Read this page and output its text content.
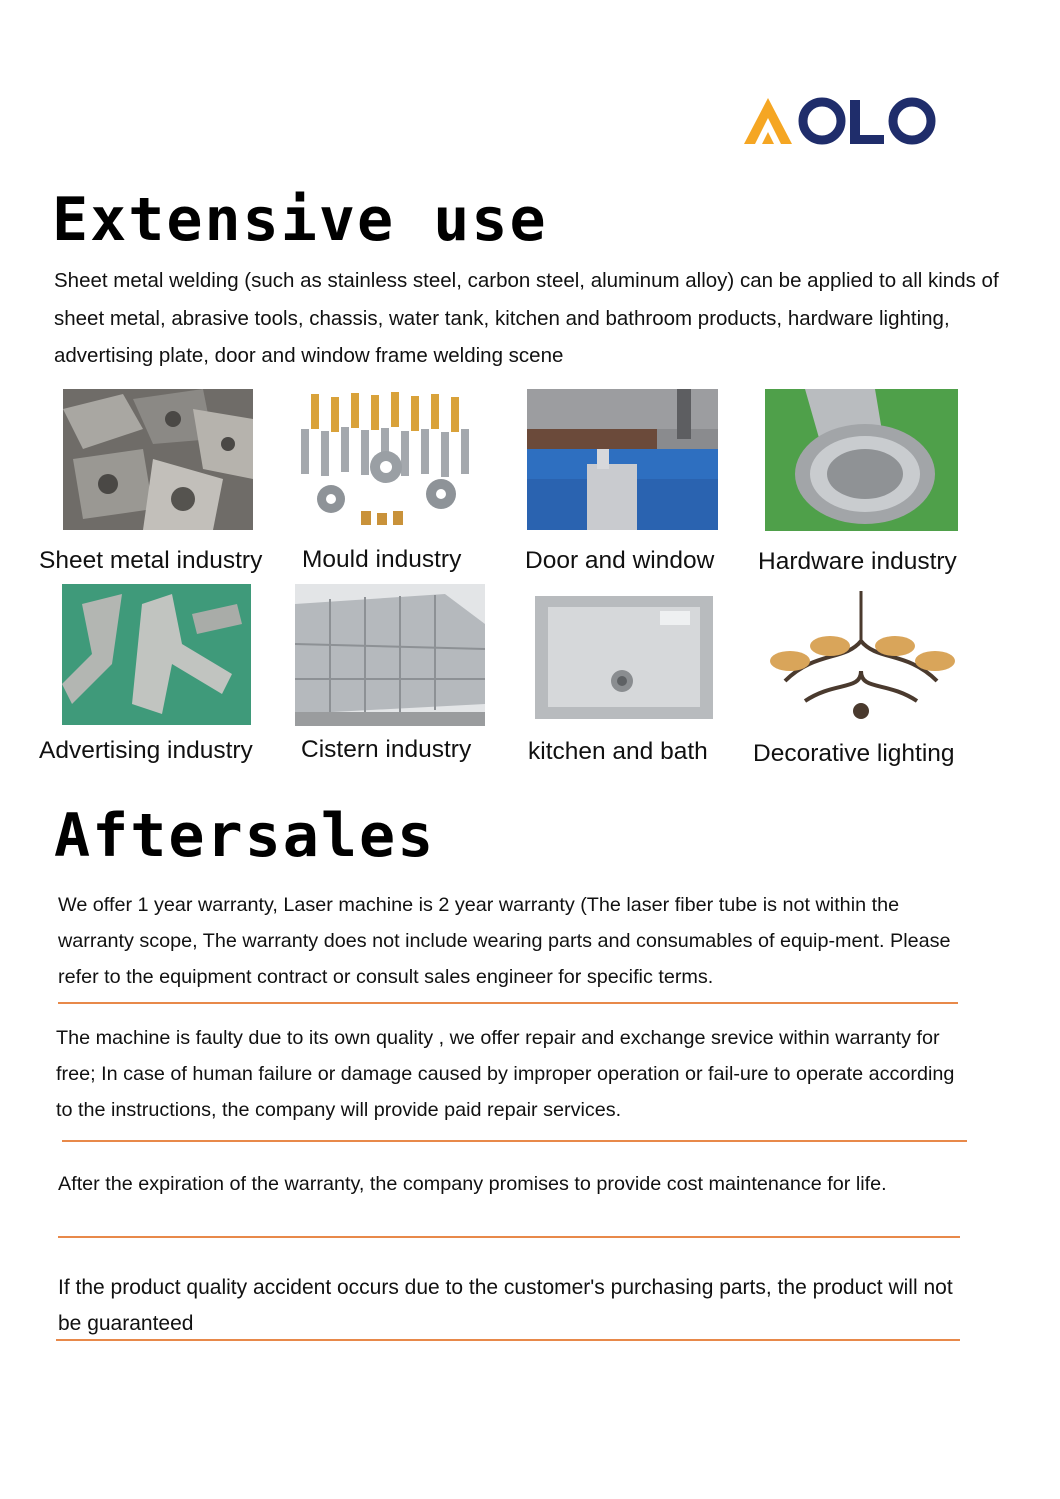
Extensive use
Sheet metal welding (such as stainless steel, carbon steel, aluminum alloy) can be applied to all kinds of sheet metal, abrasive tools, chassis, water tank, kitchen and bathroom products, hardware lighting, advertising plate, door and window frame welding scene
Sheet metal industry Mould industry	Door and window Hardware industry
Advertising industry Cistern industry kitchen and bath Decorative lighting
Aftersales
We offer 1 year warranty, Laser machine is 2 year warranty (The laser fiber tube is not within the warranty scope, The warranty does not include wearing parts and consumables of equip-ment. Please refer to the equipment contract or consult sales engineer for specific terms.
The machine is faulty due to its own quality , we offer repair and exchange srevice within warranty for free; In case of human failure or damage caused by improper operation or fail-ure to operate according to the instructions, the company will provide paid repair services.
After the expiration of the warranty, the company promises to provide cost maintenance for life.
If the product quality accident occurs due to the customer's purchasing parts, the product will not be guaranteed
